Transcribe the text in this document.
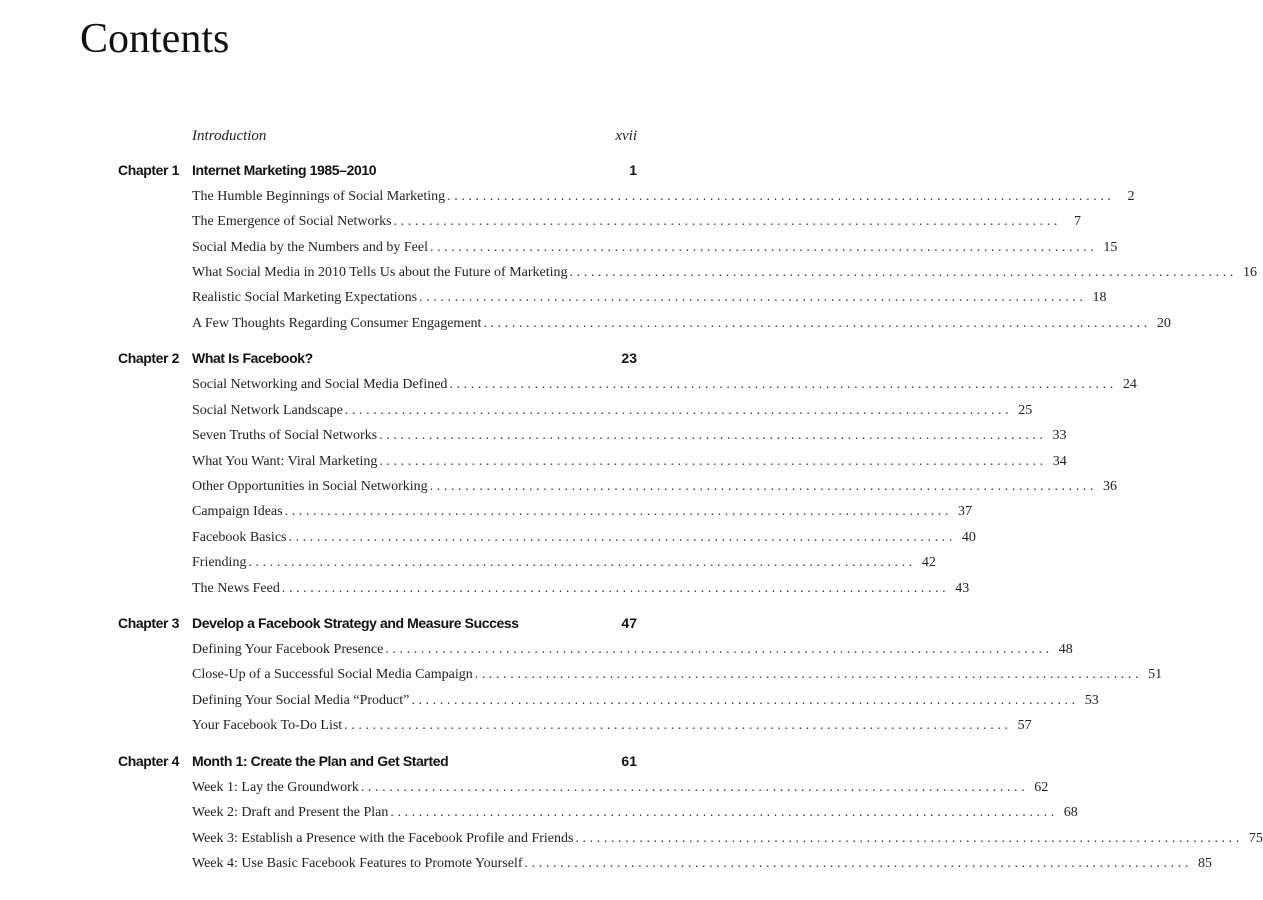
Contents
Introduction	xvii
Chapter 1 Internet Marketing 1985–2010	1
The Humble Beginnings of Social Marketing .............................................................................................. 2
The Emergence of Social Networks .............................................................................................. 7
Social Media by the Numbers and by Feel .............................................................................................. 15
What Social Media in 2010 Tells Us about the Future of Marketing .............................................................................................. 16
Realistic Social Marketing Expectations .............................................................................................. 18
A Few Thoughts Regarding Consumer Engagement .............................................................................................. 20
Chapter 2 What Is Facebook?	23
Social Networking and Social Media Defined .............................................................................................. 24
Social Network Landscape .............................................................................................. 25
Seven Truths of Social Networks .............................................................................................. 33
What You Want: Viral Marketing .............................................................................................. 34
Other Opportunities in Social Networking .............................................................................................. 36
Campaign Ideas .............................................................................................. 37
Facebook Basics .............................................................................................. 40
Friending .............................................................................................. 42
The News Feed .............................................................................................. 43
Chapter 3 Develop a Facebook Strategy and Measure Success	47
Defining Your Facebook Presence .............................................................................................. 48
Close-Up of a Successful Social Media Campaign .............................................................................................. 51
Defining Your Social Media “Product” .............................................................................................. 53
Your Facebook To-Do List .............................................................................................. 57
Chapter 4 Month 1: Create the Plan and Get Started	61
Week 1: Lay the Groundwork .............................................................................................. 62
Week 2: Draft and Present the Plan .............................................................................................. 68
Week 3: Establish a Presence with the Facebook Profile and Friends .............................................................................................. 75
Week 4: Use Basic Facebook Features to Promote Yourself .............................................................................................. 85
